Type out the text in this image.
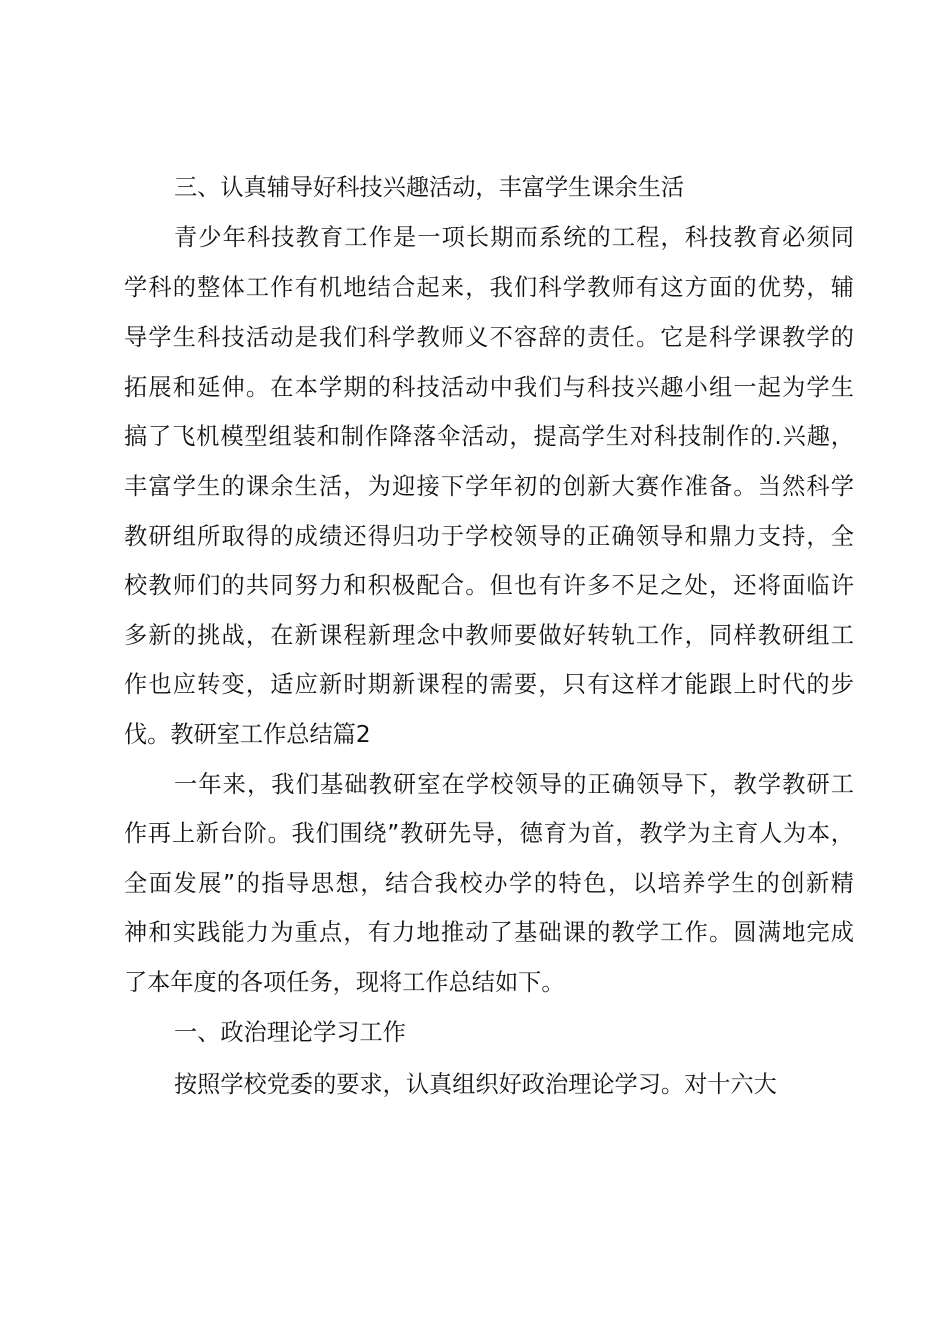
三、认真辅导好科技兴趣活动，丰富学生课余生活
青少年科技教育工作是一项长期而系统的工程，科技教育必须同
学科的整体工作有机地结合起来，我们科学教师有这方面的优势，辅
导学生科技活动是我们科学教师义不容辞的责任。它是科学课教学的
拓展和延伸。在本学期的科技活动中我们与科技兴趣小组一起为学生
搞了飞机模型组装和制作降落伞活动，提高学生对科技制作的.兴趣，
丰富学生的课余生活，为迎接下学年初的创新大赛作准备。当然科学
教研组所取得的成绩还得归功于学校领导的正确领导和鼎力支持，全
校教师们的共同努力和积极配合。但也有许多不足之处，还将面临许
多新的挑战，在新课程新理念中教师要做好转轨工作，同样教研组工
作也应转变，适应新时期新课程的需要，只有这样才能跟上时代的步
伐。教研室工作总结篇2
一年来，我们基础教研室在学校领导的正确领导下，教学教研工
作再上新台阶。我们围绕”教研先导，德育为首，教学为主育人为本，
全面发展”的指导思想，结合我校办学的特色，以培养学生的创新精
神和实践能力为重点，有力地推动了基础课的教学工作。圆满地完成
了本年度的各项任务，现将工作总结如下。
一、政治理论学习工作
按照学校党委的要求，认真组织好政治理论学习。对十六大
